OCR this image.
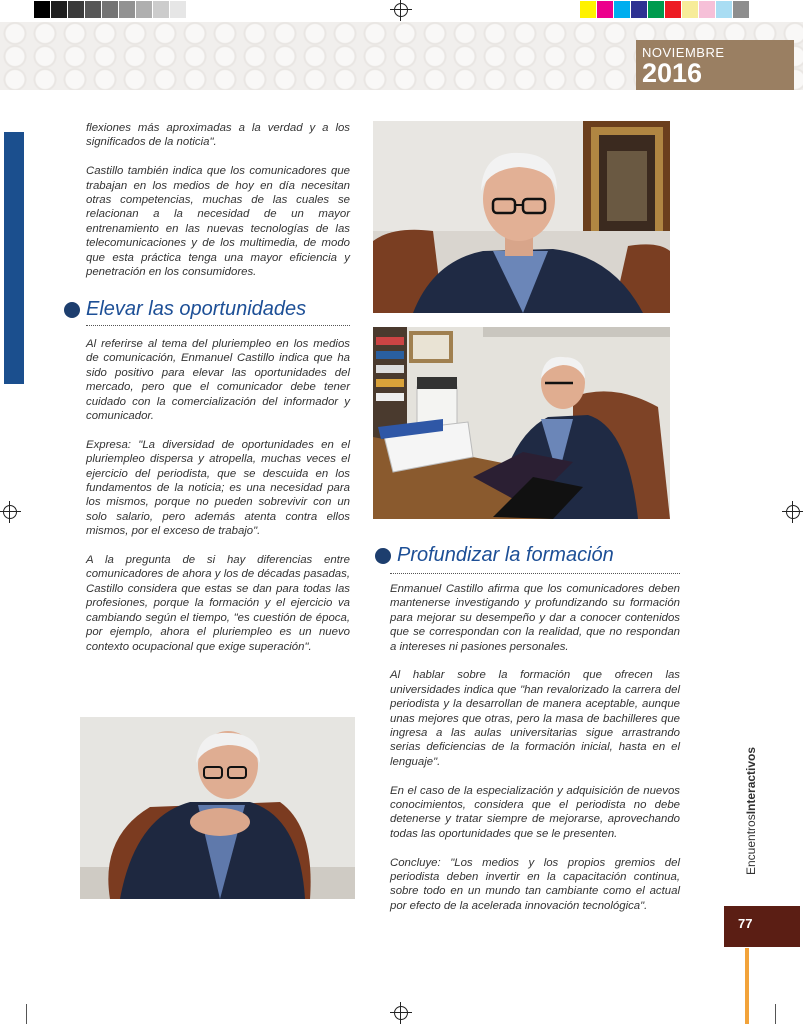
NOVIEMBRE
2016

flexiones más aproximadas a la verdad y a los significados de la noticia".

Castillo también indica que los comunicadores que trabajan en los medios de hoy en día necesitan otras competencias, muchas de las cuales se relacionan a la necesidad de un mayor entrenamiento en las nuevas tecnologías de las telecomunicaciones y de los multimedia, de modo que esta práctica tenga una mayor eficiencia y penetración en los consumidores.

Elevar las oportunidades

Al referirse al tema del pluriempleo en los medios de comunicación, Enmanuel Castillo indica que ha sido positivo para elevar las oportunidades del mercado, pero que el comunicador debe tener cuidado con la comercialización del informador y comunicador.

Expresa: "La diversidad de oportunidades en el pluriempleo dispersa y atropella, muchas veces el ejercicio del periodista, que se descuida en los fundamentos de la noticia; es una necesidad para los mismos, porque no pueden sobrevivir con un solo salario, pero además atenta contra ellos mismos, por el exceso de trabajo".

A la pregunta de si hay diferencias entre comunicadores de ahora y los de décadas pasadas, Castillo considera que estas se dan para todas las profesiones, porque la formación y el ejercicio va cambiando según el tiempo, "es cuestión de época, por ejemplo, ahora el pluriempleo es un nuevo contexto ocupacional que exige superación".

Profundizar la formación

Enmanuel Castillo afirma que los comunicadores deben mantenerse investigando y profundizando su formación para mejorar su desempeño y dar a conocer contenidos que se correspondan con la realidad, que no respondan a intereses ni pasiones personales.

Al hablar sobre la formación que ofrecen las universidades indica que "han revalorizado la carrera del periodista y la desarrollan de manera aceptable, aunque unas mejores que otras, pero la masa de bachilleres que ingresa a las aulas universitarias sigue arrastrando serias deficiencias de la formación inicial, hasta en el lenguaje".

En el caso de la especialización y adquisición de nuevos conocimientos, considera que el periodista no debe detenerse y tratar siempre de mejorarse, aprovechando todas las oportunidades que se le presenten.

Concluye: "Los medios y los propios gremios del periodista deben invertir en la capacitación continua, sobre todo en un mundo tan cambiante como el actual por efecto de la acelerada innovación tecnológica".

EncuentrosInteractivos
77
